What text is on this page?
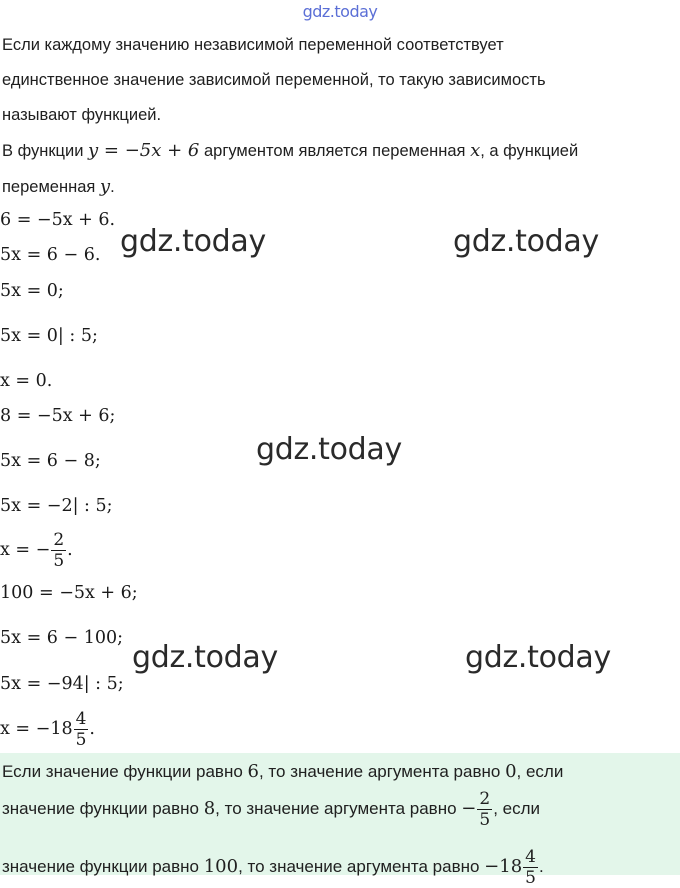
gdz.today
Если каждому значению независимой переменной соответствует
единственное значение зависимой переменной, то такую зависимость
называют функцией.
В функции y = −5x + 6 аргументом является переменная x, а функцией
переменная y.
6 = −5x + 6.
5x = 6 − 6.
5x = 0;
5x = 0| : 5;
x = 0.
8 = −5x + 6;
5x = 6 − 8;
5x = −2| : 5;
x = − $\frac{2}{5}$ .
100 = −5x + 6;
5x = 6 − 100;
5x = −94| : 5;
$x = -18 \frac{4}{5}$ .
gdz.today	gdz.today
gdz.today
gdz.today	gdz.today
Если значение функции равно 6, то значение аргумента равно 0, если
значение функции равно 8, то значение аргумента равно − $\frac{2}{5}$ , если
значение функции равно 100, то значение аргумента равно $-18 \frac{4}{5}$ .
